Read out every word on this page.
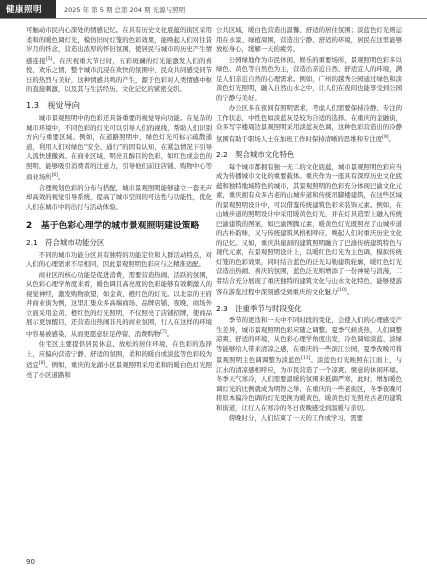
健康照明	2025 年 第 5 期 总第 204 期 光源与照明

可触动市民内心深处的情感记忆。在具有历史文化底蕴的街区采用柔和的暖色调灯光，模仿旧时灯笼的色彩效果，能唤起人们对往昔岁月的怀念，营造出浓厚的怀旧氛围，使居民与城市的历史产生情感连接[5]。在庆祝重大节日时，五彩斑斓的灯光能激发人们的喜悦、欢乐之情，整个城市沉浸在欢快的氛围中，民众共同感受同节日的热烈与美好，这种情感共鸣的产生，源于色彩对人类情感中枢的直接刺激，以及其与生活经历、文化记忆的紧密交织。

1.3　视觉导向

城市景观照明中的色彩还具备重要的视觉导向功能。在复杂的城市环境中，不同色彩的灯光可以引导人们的视线，帮助人们识别方向与重要区域。例如，在道路照明中，绿色灯光可标示疏散通道，利用人们对绿色“安全、通行”的固有认知，在紧急情况下引导人流快速撤离。在商业区域，明亮且醇目的色彩，如红色或金色的照明，能够吸引消费者的注意力，引导他们前往店铺、购物中心等商业场所[6]。

合理规划色彩的分布与搭配，城市景观照明能够建立一套无声却高效的视觉引导系统，提高了城市空间的可达性与功能性，优化人们在城市中的出行与活动体验。

2　基于色彩心理学的城市景观照明建设策略
2.1　符合城市功能分区

不同的城市功能分区具有独特的功能定位和人群活动特点，对人们的心理需求不尽相同，因此景观照明色彩应与之精准适配。

商业区的核心功能是促进消费，需要营造热闹、活跃的氛围，从色彩心理学角度来看，暖色调且高亮度的色彩能够有效刺激人的视觉神经，激发购物欲望，如金黄、橙红色的灯光。以北京的王府井商业街为例，这里汇集众多高端商场、品牌店铺、夜晚，商场外立面采用金黄、橙红色的灯光照明，不仅照亮了店铺招牌，使商品展示更加醒目，还营造出热闹非凡的商业氛围，行人在这样的环境中容易被感染，从而更愿意驻足停留，消费购物[7]。

住宅区主要提供居民休息、放松的居住环境，在色彩的选择上，应偏向营造宁静、舒适的氛围，柔和的暖白或淡蓝等色彩较为适宜[8]。例如，重庆的龙湖小区景观照明采用柔和的暖白色灯光照亮了小区道路和

公共区域，暖白色营造出温馨、舒适的居住氛围；淡蓝色灯光则运用在水景、绿植周围，营造出宁静、舒适的环境，居民在这里能够放松身心，缓解一天的疲劳。

公园绿地作为市民休闲、娱乐的重要场所，景观照明色彩多以绿色、黄色等自然色为主，营造出亲近自然、舒适宜人的环境，满足人们亲近自然的心理需求。例如，广州的越秀公园通过绿色和淡黄色灯光照明，融入自然山水之中，让人们在夜间也能享受到公园的宁静与美好。

办公区多在夜间有照明需求，考虑人们需要保持冷静、专注的工作状态，中性色如淡蓝灰是较为合适的选择。在重庆的金融街，众多写字楼周边景观照明采用淡蓝灰色调，这种色彩营造出的冷静氛围有助于职场人士在加班工作时保持清晰的思维和专注度[9]。

2.2　契合城市文化特色

每个城市都拥有独一无二的文化底蕴，城市景观照明色彩应当成为传播城市文化的重要载体。重庆作为一座具有深厚历史文化底蕴和独特地域特色的城市，其景观照明的色彩充分体现巴渝文化元素，重庆拥有众多古老的山城步道和传统吊脚楼建筑，在这些区域的景观照明设计中，可以借鉴传统建筑色彩来装饰元素。例如，在山城步道的照明设计中采用暖黄色灯光，并在灯具造型上融入传统巴渝建筑的图案，如巴渝图腾元素，暖黄色灯光既照亮了山城步道的古朴韵味，又与传统建筑风格相呼应，唤起人们对重庆历史文化的记忆。又如，重庆洪崖洞的建筑照明融合了巴渝传统建筑特色与现代元素，在景观照明设计上，以暖红色灯光为主色调，模拟传统灯笼的色彩效果，同时结合蓝色的泛光勾勒建筑轮廓，暖红色灯光营造出热闹、喜庆的氛围，蓝色泛光则增添了一份神秘与浪漫，二者结合充分展现了重庆独特的建筑文化与山水文化特色，能够使游客在游览过程中深刻感受到重庆的文化魅力[10]。

2.3　注重季节与时段变化

季节的更迭和一天中不同时段的变化，会使人们的心理感受产生差异，城市景观照明色彩应随之调整。夏季气候炎热，人们调整凉爽、舒适的环境，从色彩心理学角度出发，冷色调如淡蓝、淡绿等能够给人带来清凉之感，在重庆的一些滨江公园，夏季夜晚可将景观照明主色调调整为淡蓝色[11]。淡蓝色灯光映照在江面上，与江水的清凉感相呼应，为市民营造了一个凉爽、惬意的休闲环境。冬季天气寒冷，人们需要温暖的氛围来抵御严寒，此时，增加暖色调灯光的比例就成为明智之举，在重庆的一些老街区，冬季夜晚可将原本偏冷色调的灯光更换为暖黄色，暖黄色灯光照亮古老的建筑和街道，让行人在寒冷的冬日夜晚感受到温暖与亲切。

傍晚时分，人们结束了一天的工作或学习，需要

90
